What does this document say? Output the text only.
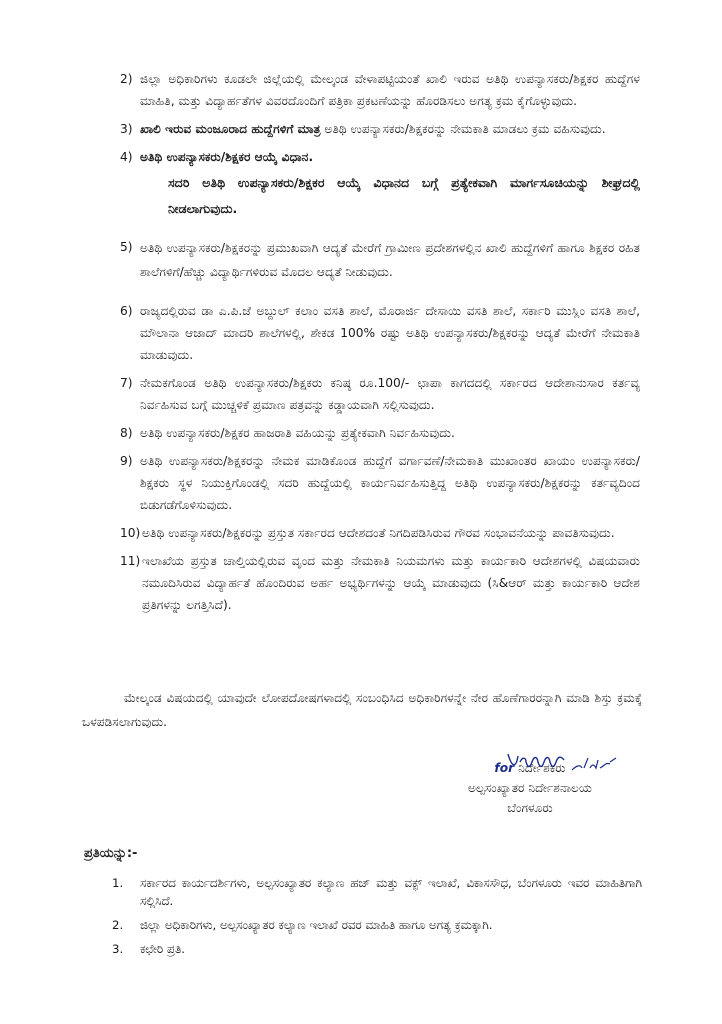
2) ಜಿಲ್ಲಾ ಅಧಿಕಾರಿಗಳು ಕೂಡಲೇ ಜಿಲ್ಲೆಯಲ್ಲಿ ಮೇಲ್ಕಂಡ ವೇಳಾಪಟ್ಟಿಯಂತೆ ಖಾಲಿ ಇರುವ ಅತಿಥಿ ಉಪನ್ಯಾಸಕರು/ಶಿಕ್ಷಕರ ಹುದ್ದೆಗಳ ಮಾಹಿತಿ, ಮತ್ತು ವಿದ್ಯಾರ್ಹತೆಗಳ ವಿವರದೊಂದಿಗೆ ಪತ್ರಿಕಾ ಪ್ರಕಟಣೆಯನ್ನು ಹೊರಡಿಸಲು ಅಗತ್ಯ ಕ್ರಮ ಕೈಗೊಳ್ಳುವುದು.
3) ಖಾಲಿ ಇರುವ ಮಂಜೂರಾದ ಹುದ್ದೆಗಳಿಗೆ ಮಾತ್ರ ಅತಿಥಿ ಉಪನ್ಯಾಸಕರು/ಶಿಕ್ಷಕರನ್ನು ನೇಮಕಾತಿ ಮಾಡಲು ಕ್ರಮ ವಹಿಸುವುದು.
4) ಅತಿಥಿ ಉಪನ್ಯಾಸಕರು/ಶಿಕ್ಷಕರ ಆಯ್ಕೆ ವಿಧಾನ.
ಸದರಿ ಅತಿಥಿ ಉಪನ್ಯಾಸಕರು/ಶಿಕ್ಷಕರ ಆಯ್ಕೆ ವಿಧಾನದ ಬಗ್ಗೆ ಪ್ರತ್ಯೇಕವಾಗಿ ಮಾರ್ಗಸೂಚಿಯನ್ನು ಶೀಘ್ರದಲ್ಲಿ ನೀಡಲಾಗುವುದು.
5) ಅತಿಥಿ ಉಪನ್ಯಾಸಕರು/ಶಿಕ್ಷಕರನ್ನು ಪ್ರಮುಖವಾಗಿ ಆದ್ಯತೆ ಮೇರೆಗೆ ಗ್ರಾಮೀಣ ಪ್ರದೇಶಗಳಲ್ಲಿನ ಖಾಲಿ ಹುದ್ದೆಗಳಿಗೆ ಹಾಗೂ ಶಿಕ್ಷಕರ ರಹಿತ ಶಾಲೆಗಳಿಗೆ/ಹೆಚ್ಚು ವಿದ್ಯಾರ್ಥಿಗಳಿರುವ ಮೊದಲ ಆದ್ಯತೆ ನೀಡುವುದು.
6) ರಾಜ್ಯದಲ್ಲಿರುವ ಡಾ ಎ.ಪಿ.ಜೆ ಅಬ್ದುಲ್ ಕಲಾಂ ವಸತಿ ಶಾಲೆ, ಮೊರಾರ್ಜಿ ದೇಸಾಯಿ ವಸತಿ ಶಾಲೆ, ಸರ್ಕಾರಿ ಮುಸ್ಲಿಂ ವಸತಿ ಶಾಲೆ, ಮೌಲಾನಾ ಆಜಾದ್ ಮಾದರಿ ಶಾಲೆಗಳಲ್ಲಿ, ಶೇಕಡ 100% ರಷ್ಟು ಅತಿಥಿ ಉಪನ್ಯಾಸಕರು/ಶಿಕ್ಷಕರನ್ನು ಆದ್ಯತೆ ಮೇರೆಗೆ ನೇಮಕಾತಿ ಮಾಡುವುದು.
7) ನೇಮಕಗೊಂಡ ಅತಿಥಿ ಉಪನ್ಯಾಸಕರು/ಶಿಕ್ಷಕರು ಕನಿಷ್ಠ ರೂ.100/- ಛಾಪಾ ಕಾಗದದಲ್ಲಿ ಸರ್ಕಾರದ ಆದೇಶಾನುಸಾರ ಕರ್ತವ್ಯ ನಿರ್ವಹಿಸುವ ಬಗ್ಗೆ ಮುಚ್ಚಳಿಕೆ ಪ್ರಮಾಣ ಪತ್ರವನ್ನು ಕಡ್ಡಾಯವಾಗಿ ಸಲ್ಲಿಸುವುದು.
8) ಅತಿಥಿ ಉಪನ್ಯಾಸಕರು/ಶಿಕ್ಷಕರ ಹಾಜರಾತಿ ವಹಿಯನ್ನು ಪ್ರತ್ಯೇಕವಾಗಿ ನಿರ್ವಹಿಸುವುದು.
9) ಅತಿಥಿ ಉಪನ್ಯಾಸಕರು/ಶಿಕ್ಷಕರನ್ನು ನೇಮಕ ಮಾಡಿಕೊಂಡ ಹುದ್ದೆಗೆ ವರ್ಗಾವಣೆ/ನೇಮಕಾತಿ ಮುಖಾಂತರ ಖಾಯಂ ಉಪನ್ಯಾಸಕರು/ಶಿಕ್ಷಕರು ಸ್ಥಳ ನಿಯುಕ್ತಿಗೊಂಡಲ್ಲಿ ಸದರಿ ಹುದ್ದೆಯಲ್ಲಿ ಕಾರ್ಯನಿರ್ವಹಿಸುತ್ತಿದ್ದ ಅತಿಥಿ ಉಪನ್ಯಾಸಕರು/ಶಿಕ್ಷಕರನ್ನು ಕರ್ತವ್ಯದಿಂದ ಬಿಡುಗಡೆಗೊಳಿಸುವುದು.
10) ಅತಿಥಿ ಉಪನ್ಯಾಸಕರು/ಶಿಕ್ಷಕರನ್ನು ಪ್ರಸ್ತುತ ಸರ್ಕಾರದ ಆದೇಶದಂತೆ ನಿಗದಿಪಡಿಸಿರುವ ಗೌರವ ಸಂಭಾವನೆಯನ್ನು ಪಾವತಿಸುವುದು.
11) ಇಲಾಖೆಯ ಪ್ರಸ್ತುತ ಚಾಲ್ತಿಯಲ್ಲಿರುವ ವೃಂದ ಮತ್ತು ನೇಮಕಾತಿ ನಿಯಮಗಳು ಮತ್ತು ಕಾರ್ಯಕಾರಿ ಆದೇಶಗಳಲ್ಲಿ ವಿಷಯವಾರು ನಮೂದಿಸಿರುವ ವಿದ್ಯಾರ್ಹತೆ ಹೊಂದಿರುವ ಅರ್ಹ ಅಭ್ಯರ್ಥಿಗಳನ್ನು ಆಯ್ಕೆ ಮಾಡುವುದು (ಸಿ&ಆರ್ ಮತ್ತು ಕಾರ್ಯಕಾರಿ ಆದೇಶ ಪ್ರತಿಗಳನ್ನು ಲಗತ್ತಿಸಿದೆ).
ಮೇಲ್ಕಂಡ ವಿಷಯದಲ್ಲಿ ಯಾವುದೇ ಲೋಪದೋಷಗಳಾದಲ್ಲಿ ಸಂಬಂಧಿಸಿದ ಅಧಿಕಾರಿಗಳನ್ನೇ ನೇರ ಹೊಣೆಗಾರರನ್ನಾಗಿ ಮಾಡಿ ಶಿಸ್ತು ಕ್ರಮಕ್ಕೆ ಒಳಪಡಿಸಲಾಗುವುದು.
for ನಿರ್ದೇಶಕರು
ಅಲ್ಪಸಂಖ್ಯಾತರ ನಿರ್ದೇಶನಾಲಯ
ಬೆಂಗಳೂರು
ಪ್ರತಿಯನ್ನು:-
1.	ಸರ್ಕಾರದ ಕಾರ್ಯದರ್ಶಿಗಳು, ಅಲ್ಪಸಂಖ್ಯಾತರ ಕಲ್ಯಾಣ ಹಜ್ ಮತ್ತು ವಕ್ಫ್ ಇಲಾಖೆ, ವಿಕಾಸಸೌಧ, ಬೆಂಗಳೂರು ಇವರ ಮಾಹಿತಿಗಾಗಿ ಸಲ್ಲಿಸಿದೆ.
2.	ಜಿಲ್ಲಾ ಅಧಿಕಾರಿಗಳು, ಅಲ್ಪಸಂಖ್ಯಾತರ ಕಲ್ಯಾಣ ಇಲಾಖೆ ರವರ ಮಾಹಿತಿ ಹಾಗೂ ಅಗತ್ಯ ಕ್ರಮಕ್ಕಾಗಿ.
3.	ಕಛೇರಿ ಪ್ರತಿ.
